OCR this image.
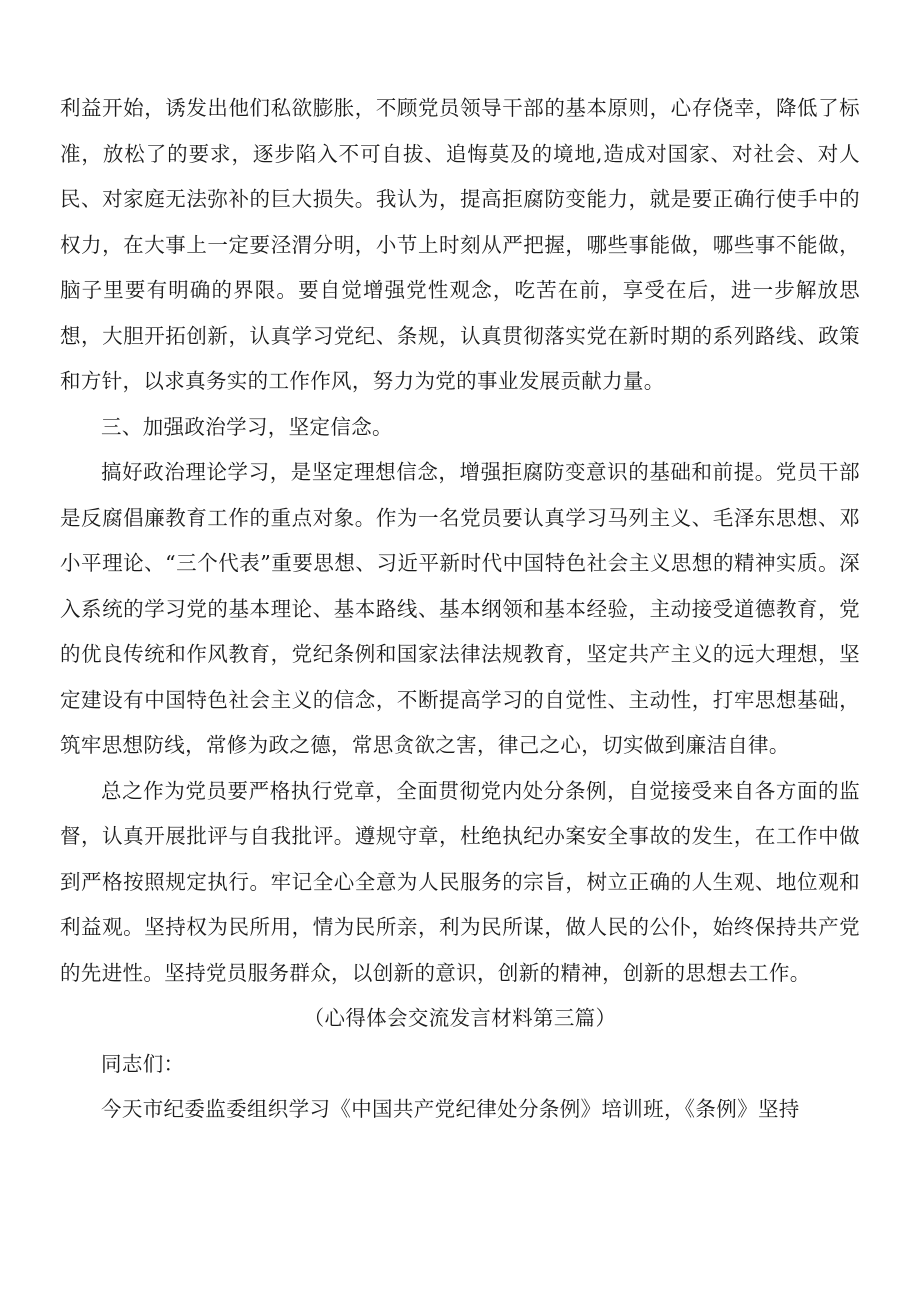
利益开始，诱发出他们私欲膨胀，不顾党员领导干部的基本原则，心存侥幸，降低了标准，放松了的要求，逐步陷入不可自拔、追悔莫及的境地,造成对国家、对社会、对人民、对家庭无法弥补的巨大损失。我认为，提高拒腐防变能力，就是要正确行使手中的权力，在大事上一定要泾渭分明，小节上时刻从严把握，哪些事能做，哪些事不能做，脑子里要有明确的界限。要自觉增强党性观念，吃苦在前，享受在后，进一步解放思想，大胆开拓创新，认真学习党纪、条规，认真贯彻落实党在新时期的系列路线、政策和方针，以求真务实的工作作风，努力为党的事业发展贡献力量。

三、加强政治学习，坚定信念。

搞好政治理论学习，是坚定理想信念，增强拒腐防变意识的基础和前提。党员干部是反腐倡廉教育工作的重点对象。作为一名党员要认真学习马列主义、毛泽东思想、邓小平理论、“三个代表”重要思想、习近平新时代中国特色社会主义思想的精神实质。深入系统的学习党的基本理论、基本路线、基本纲领和基本经验，主动接受道德教育，党的优良传统和作风教育，党纪条例和国家法律法规教育，坚定共产主义的远大理想，坚定建设有中国特色社会主义的信念，不断提高学习的自觉性、主动性，打牢思想基础，筑牢思想防线，常修为政之德，常思贪欲之害，律己之心，切实做到廉洁自律。

总之作为党员要严格执行党章，全面贯彻党内处分条例，自觉接受来自各方面的监督，认真开展批评与自我批评。遵规守章，杜绝执纪办案安全事故的发生，在工作中做到严格按照规定执行。牢记全心全意为人民服务的宗旨，树立正确的人生观、地位观和利益观。坚持权为民所用，情为民所亲，利为民所谋，做人民的公仆，始终保持共产党的先进性。坚持党员服务群众，以创新的意识，创新的精神，创新的思想去工作。

（心得体会交流发言材料第三篇）

同志们：

今天市纪委监委组织学习《中国共产党纪律处分条例》培训班，《条例》坚持
